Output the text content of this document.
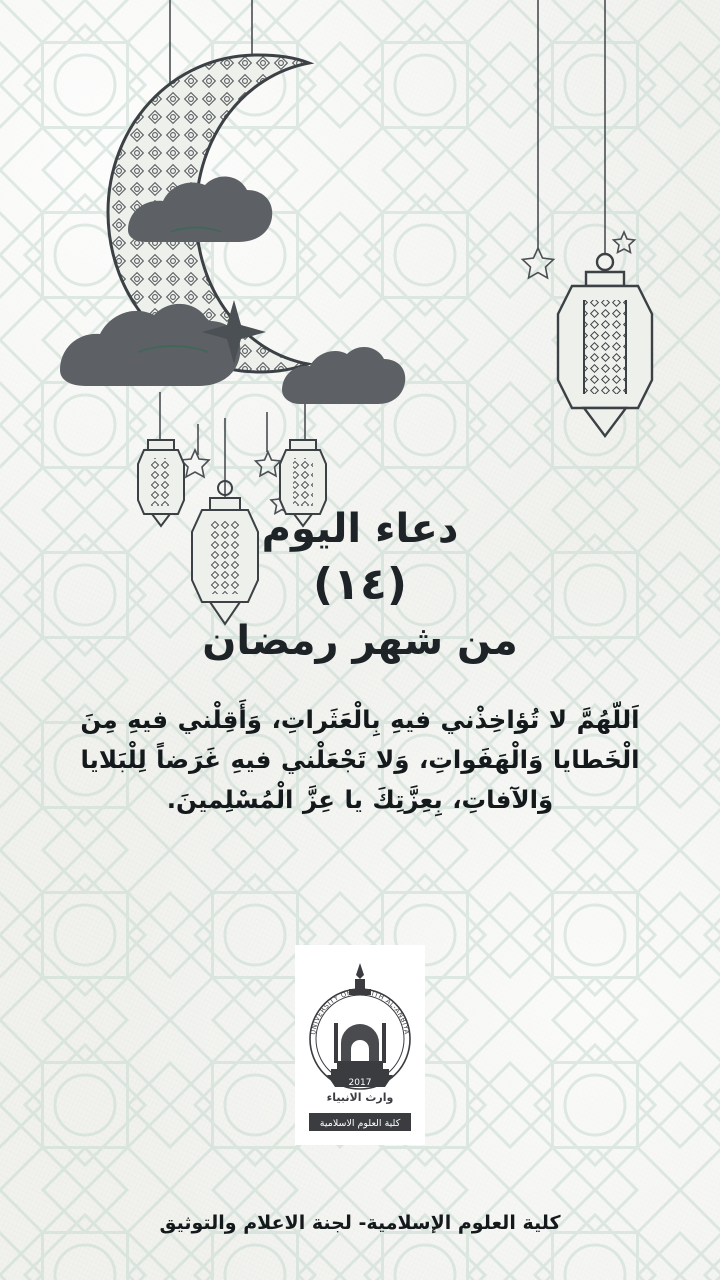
دعاء اليوم
(١٤)
من شهر رمضان
اَللّهُمَّ لا تُؤاخِذْني فيهِ بِالْعَثَراتِ، وَأَقِلْني فيهِ مِنَ الْخَطايا وَالْهَفَواتِ، وَلا تَجْعَلْني فيهِ غَرَضاً لِلْبَلايا وَالآفاتِ، بِعِزَّتِكَ يا عِزَّ الْمُسْلِمينَ.
2017
وارث الانبياء
UNIVERSITY OF WARITH AL-ANBIYA
كلية العلوم الاسلامية
كلية العلوم الإسلامية- لجنة الاعلام والتوثيق
